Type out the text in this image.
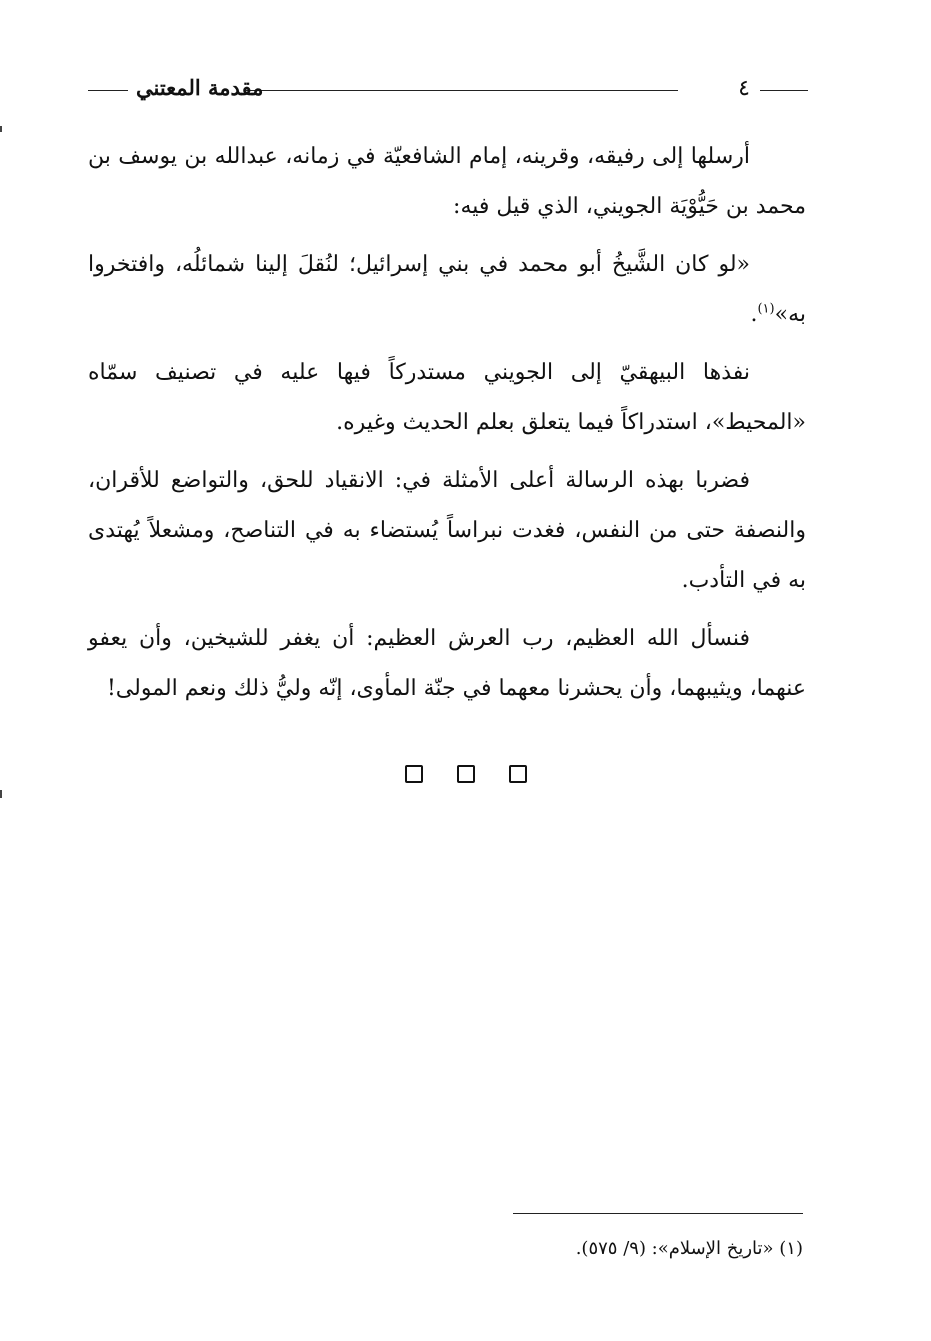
٤
مقدمة المعتني

أرسلها إلى رفيقه، وقرينه، إمام الشافعيّة في زمانه، عبدالله بن يوسف بن محمد بن حَيُّوْيَة الجويني، الذي قيل فيه:

«لو كان الشَّيخُ أبو محمد في بني إسرائيل؛ لنُقلَ إلينا شمائلُه، وافتخروا به»$^{(١)}$.

نفذها البيهقيّ إلى الجويني مستدركاً فيها عليه في تصنيف سمّاه «المحيط»، استدراكاً فيما يتعلق بعلم الحديث وغيره.

فضربا بهذه الرسالة أعلى الأمثلة في: الانقياد للحق، والتواضع للأقران، والنصفة حتى من النفس، فغدت نبراساً يُستضاء به في التناصح، ومشعلاً يُهتدى به في التأدب.

فنسأل الله العظيم، رب العرش العظيم: أن يغفر للشيخين، وأن يعفو عنهما، ويثيبهما، وأن يحشرنا معهما في جنّة المأوى، إنّه وليُّ ذلك ونعم المولى!

(١) «تاريخ الإسلام»: (٩/ ٥٧٥).
